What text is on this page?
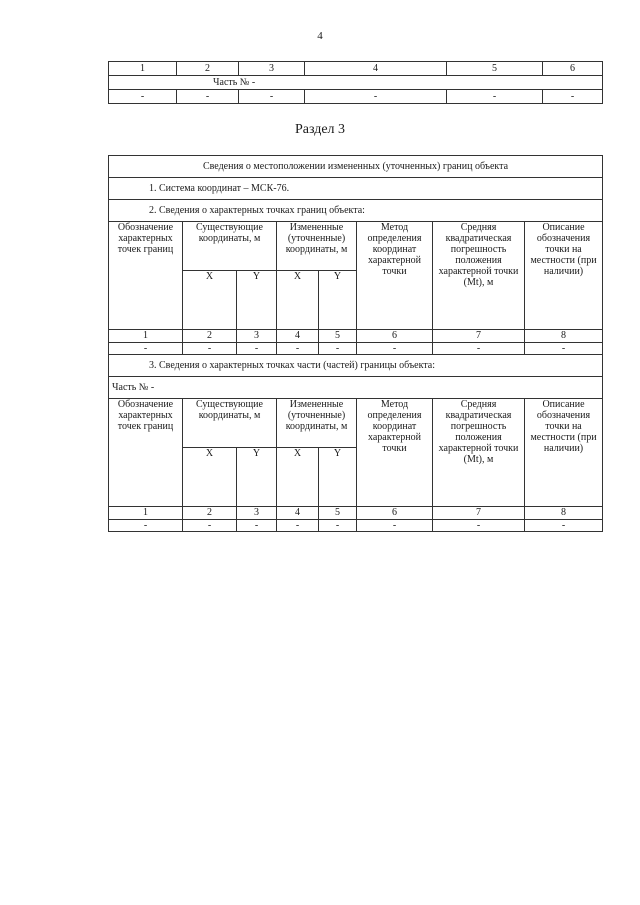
4
1	2	3	4	5	6
Часть № -					
-	-	-	-	-	-
Раздел 3
Сведения о местоположении измененных (уточненных) границ объекта							
1. Система координат – МСК-76.							
2. Сведения о характерных точках границ объекта:							
Обозначение характерных точек границ	Существующие координаты, м		Измененные (уточненные) координаты, м		Метод определения координат характерной точки	Средняя квадратическая погрешность положения характерной точки (Mt), м	Описание обозначения точки на местности (при наличии)
	X	Y	X	Y			
1	2	3	4	5	6	7	8
-	-	-	-	-	-	-	-
3. Сведения о характерных точках части (частей) границы объекта:							
Часть № -							
Обозначение характерных точек границ	Существующие координаты, м		Измененные (уточненные) координаты, м		Метод определения координат характерной точки	Средняя квадратическая погрешность положения характерной точки (Mt), м	Описание обозначения точки на местности (при наличии)
	X	Y	X	Y			
1	2	3	4	5	6	7	8
-	-	-	-	-	-	-	-
